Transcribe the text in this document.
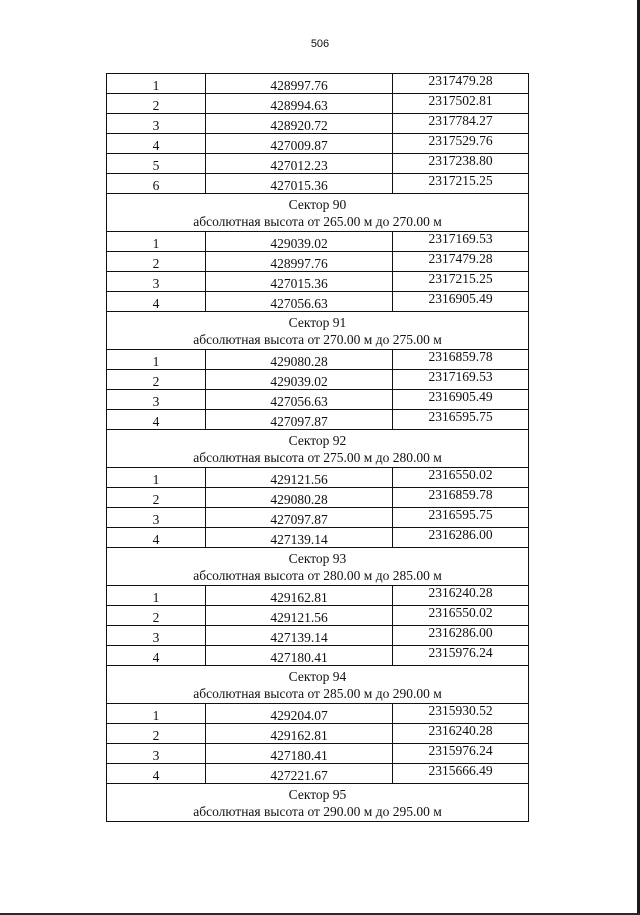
506
1	428997.76	2317479.28
2	428994.63	2317502.81
3	428920.72	2317784.27
4	427009.87	2317529.76
5	427012.23	2317238.80
6	427015.36	2317215.25

Сектор 90
абсолютная высота от 265.00 м до 270.00 м		

1	429039.02	2317169.53
2	428997.76	2317479.28
3	427015.36	2317215.25
4	427056.63	2316905.49

Сектор 91
абсолютная высота от 270.00 м до 275.00 м		

1	429080.28	2316859.78
2	429039.02	2317169.53
3	427056.63	2316905.49
4	427097.87	2316595.75

Сектор 92
абсолютная высота от 275.00 м до 280.00 м		

1	429121.56	2316550.02
2	429080.28	2316859.78
3	427097.87	2316595.75
4	427139.14	2316286.00

Сектор 93
абсолютная высота от 280.00 м до 285.00 м		

1	429162.81	2316240.28
2	429121.56	2316550.02
3	427139.14	2316286.00
4	427180.41	2315976.24

Сектор 94
абсолютная высота от 285.00 м до 290.00 м		

1	429204.07	2315930.52
2	429162.81	2316240.28
3	427180.41	2315976.24
4	427221.67	2315666.49

Сектор 95
абсолютная высота от 290.00 м до 295.00 м		
